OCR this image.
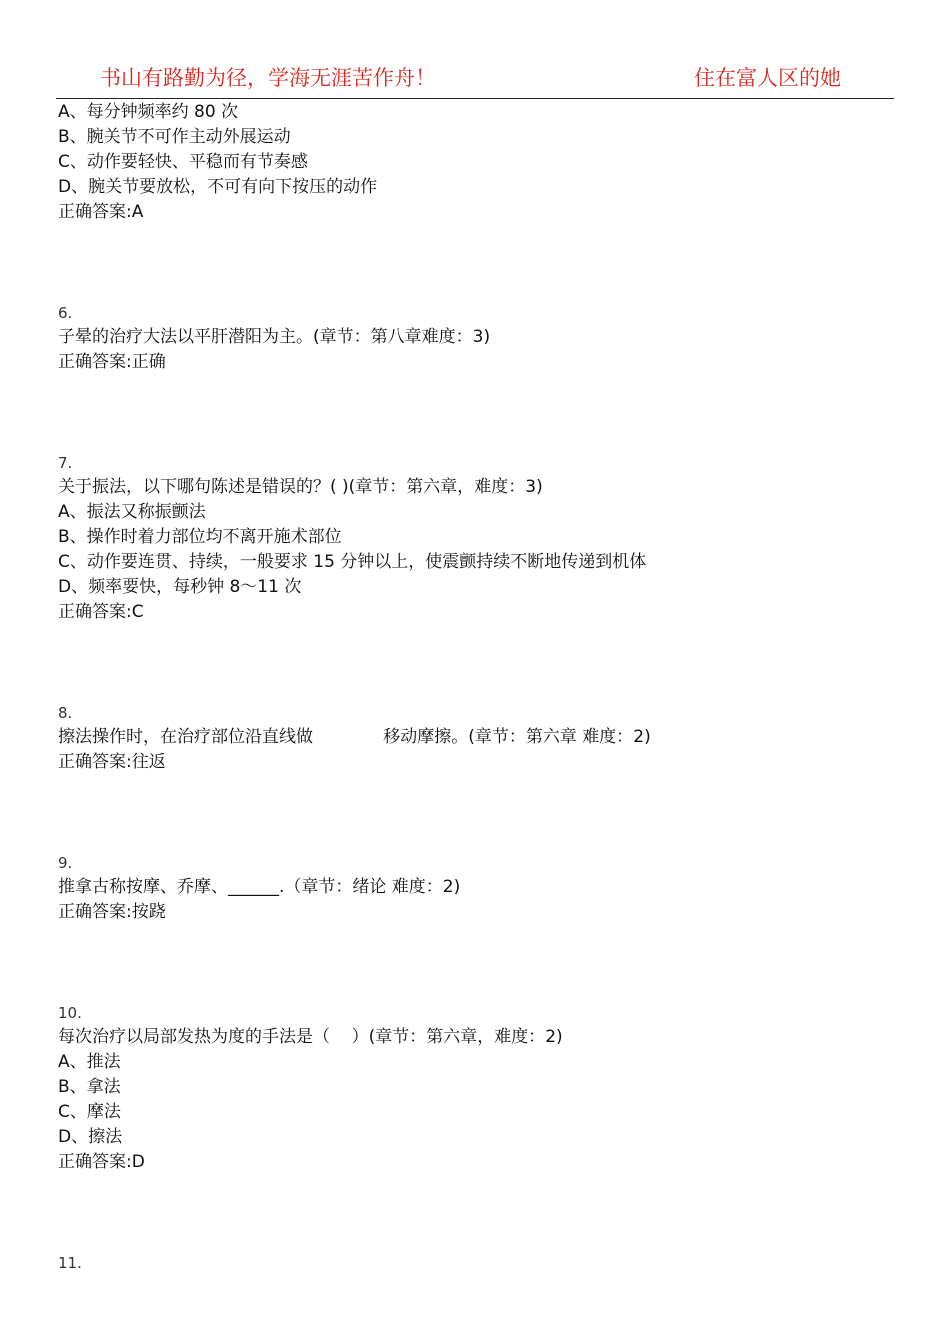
书山有路勤为径，学海无涯苦作舟！	住在富人区的她
A、每分钟频率约 80 次
B、腕关节不可作主动外展运动
C、动作要轻快、平稳而有节奏感
D、腕关节要放松，不可有向下按压的动作
正确答案:A
6.
子晕的治疗大法以平肝潜阳为主。(章节：第八章难度：3)
正确答案:正确
7.
关于振法，以下哪句陈述是错误的？( )(章节：第六章，难度：3)
A、振法又称振颤法
B、操作时着力部位均不离开施术部位
C、动作要连贯、持续，一般要求 15 分钟以上，使震颤持续不断地传递到机体
D、频率要快，每秒钟 8～11 次
正确答案:C
8.
擦法操作时，在治疗部位沿直线做             移动摩擦。(章节：第六章 难度：2)
正确答案:往返
9.
推拿古称按摩、乔摩、______.（章节：绪论 难度：2)
正确答案:按跷
10.
每次治疗以局部发热为度的手法是（    ）(章节：第六章，难度：2)
A、推法
B、拿法
C、摩法
D、擦法
正确答案:D
11.
